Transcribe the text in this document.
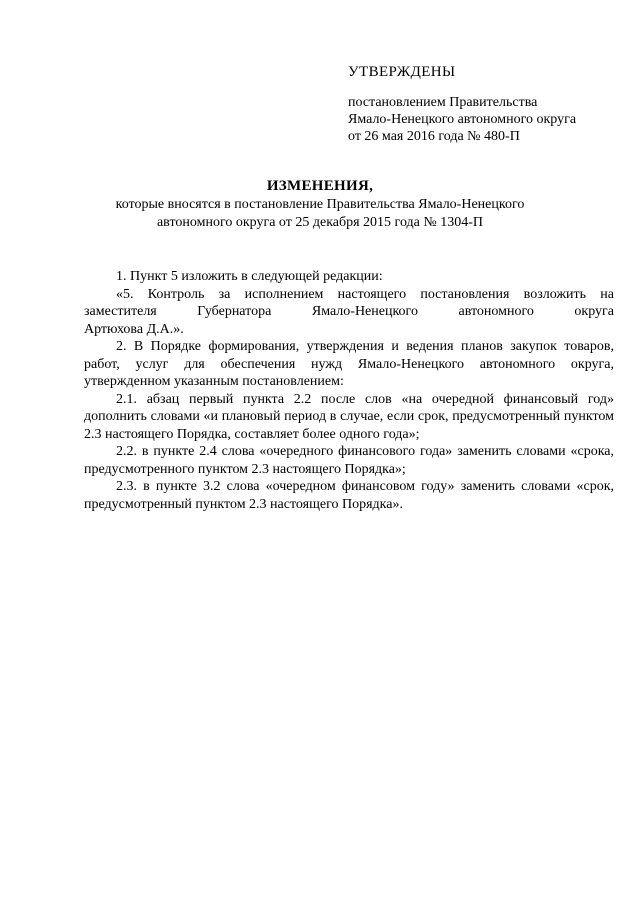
УТВЕРЖДЕНЫ
постановлением Правительства
Ямало-Ненецкого автономного округа
от 26 мая 2016 года № 480-П
ИЗМЕНЕНИЯ,
которые вносятся в постановление Правительства Ямало-Ненецкого
автономного округа от 25 декабря 2015 года № 1304-П

1. Пункт 5 изложить в следующей редакции:

«5. Контроль за исполнением настоящего постановления возложить на заместителя Губернатора Ямало-Ненецкого автономного округа

Артюхова Д.А.».

2. В Порядке формирования, утверждения и ведения планов закупок товаров, работ, услуг для обеспечения нужд Ямало-Ненецкого автономного округа, утвержденном указанным постановлением:

2.1. абзац первый пункта 2.2 после слов «на очередной финансовый год» дополнить словами «и плановый период в случае, если срок, предусмотренный пунктом 2.3 настоящего Порядка, составляет более одного года»;

2.2. в пункте 2.4 слова «очередного финансового года» заменить словами «срока, предусмотренного пунктом 2.3 настоящего Порядка»;

2.3. в пункте 3.2 слова «очередном финансовом году» заменить словами «срок, предусмотренный пунктом 2.3 настоящего Порядка».
